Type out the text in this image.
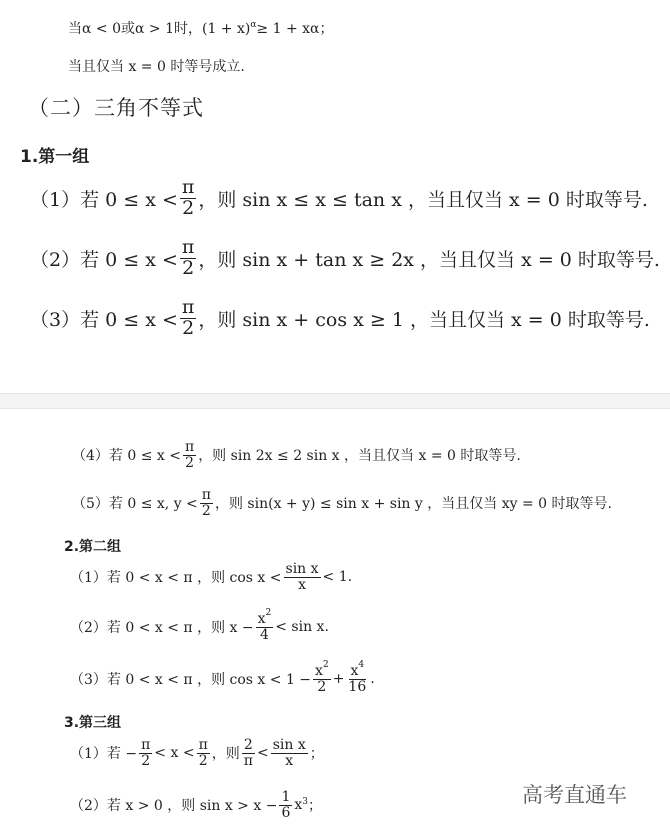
当α < 0或α > 1时，(1 + x) α ≥ 1 + xα；
当且仅当 x = 0 时等号成立.
（二）三角不等式
1.第一组
（1）若 $0 \le x < \frac{\pi}{2}$ ，则 sin x ≤ x ≤ tan x ，当且仅当 x = 0 时取等号.
（2）若 $0 \le x < \frac{\pi}{2}$ ，则 sin x + tan x ≥ 2x ，当且仅当 x = 0 时取等号.
（3）若 $0 \le x < \frac{\pi}{2}$ ，则 sin x + cos x ≥ 1 ，当且仅当 x = 0 时取等号.
（4）若 $0 \le x < \frac{\pi}{2}$ ，则 sin 2x ≤ 2 sin x ，当且仅当 x = 0 时取等号.
（5）若 0 ≤ x, $y < \frac{\pi}{2}$ ，则 sin(x + y) ≤ sin x + sin y ，当且仅当 xy = 0 时取等号.
2.第二组
（1）若 0 < x < π ，则 $\cos x < \frac{\text{sin x}}{x} < 1$.
（2）若 0 < x < π ，则 $x - \frac{x^2}{4} < \sin x$.
（3）若 0 < x < π ，则 $\cos x < 1 - \frac{x^2}{2} + \frac{x^4}{16}$ .
3.第三组
（1）若 − $\frac{\pi}{2} < x < \frac{\pi}{2}$ ，则 $\frac{2}{\pi} < \frac{\text{sin x}}{x}$ ；
（2）若 x > 0 ，则 $\sin x > x - \frac{1}{6}$ x 3 ；	高考直通车
